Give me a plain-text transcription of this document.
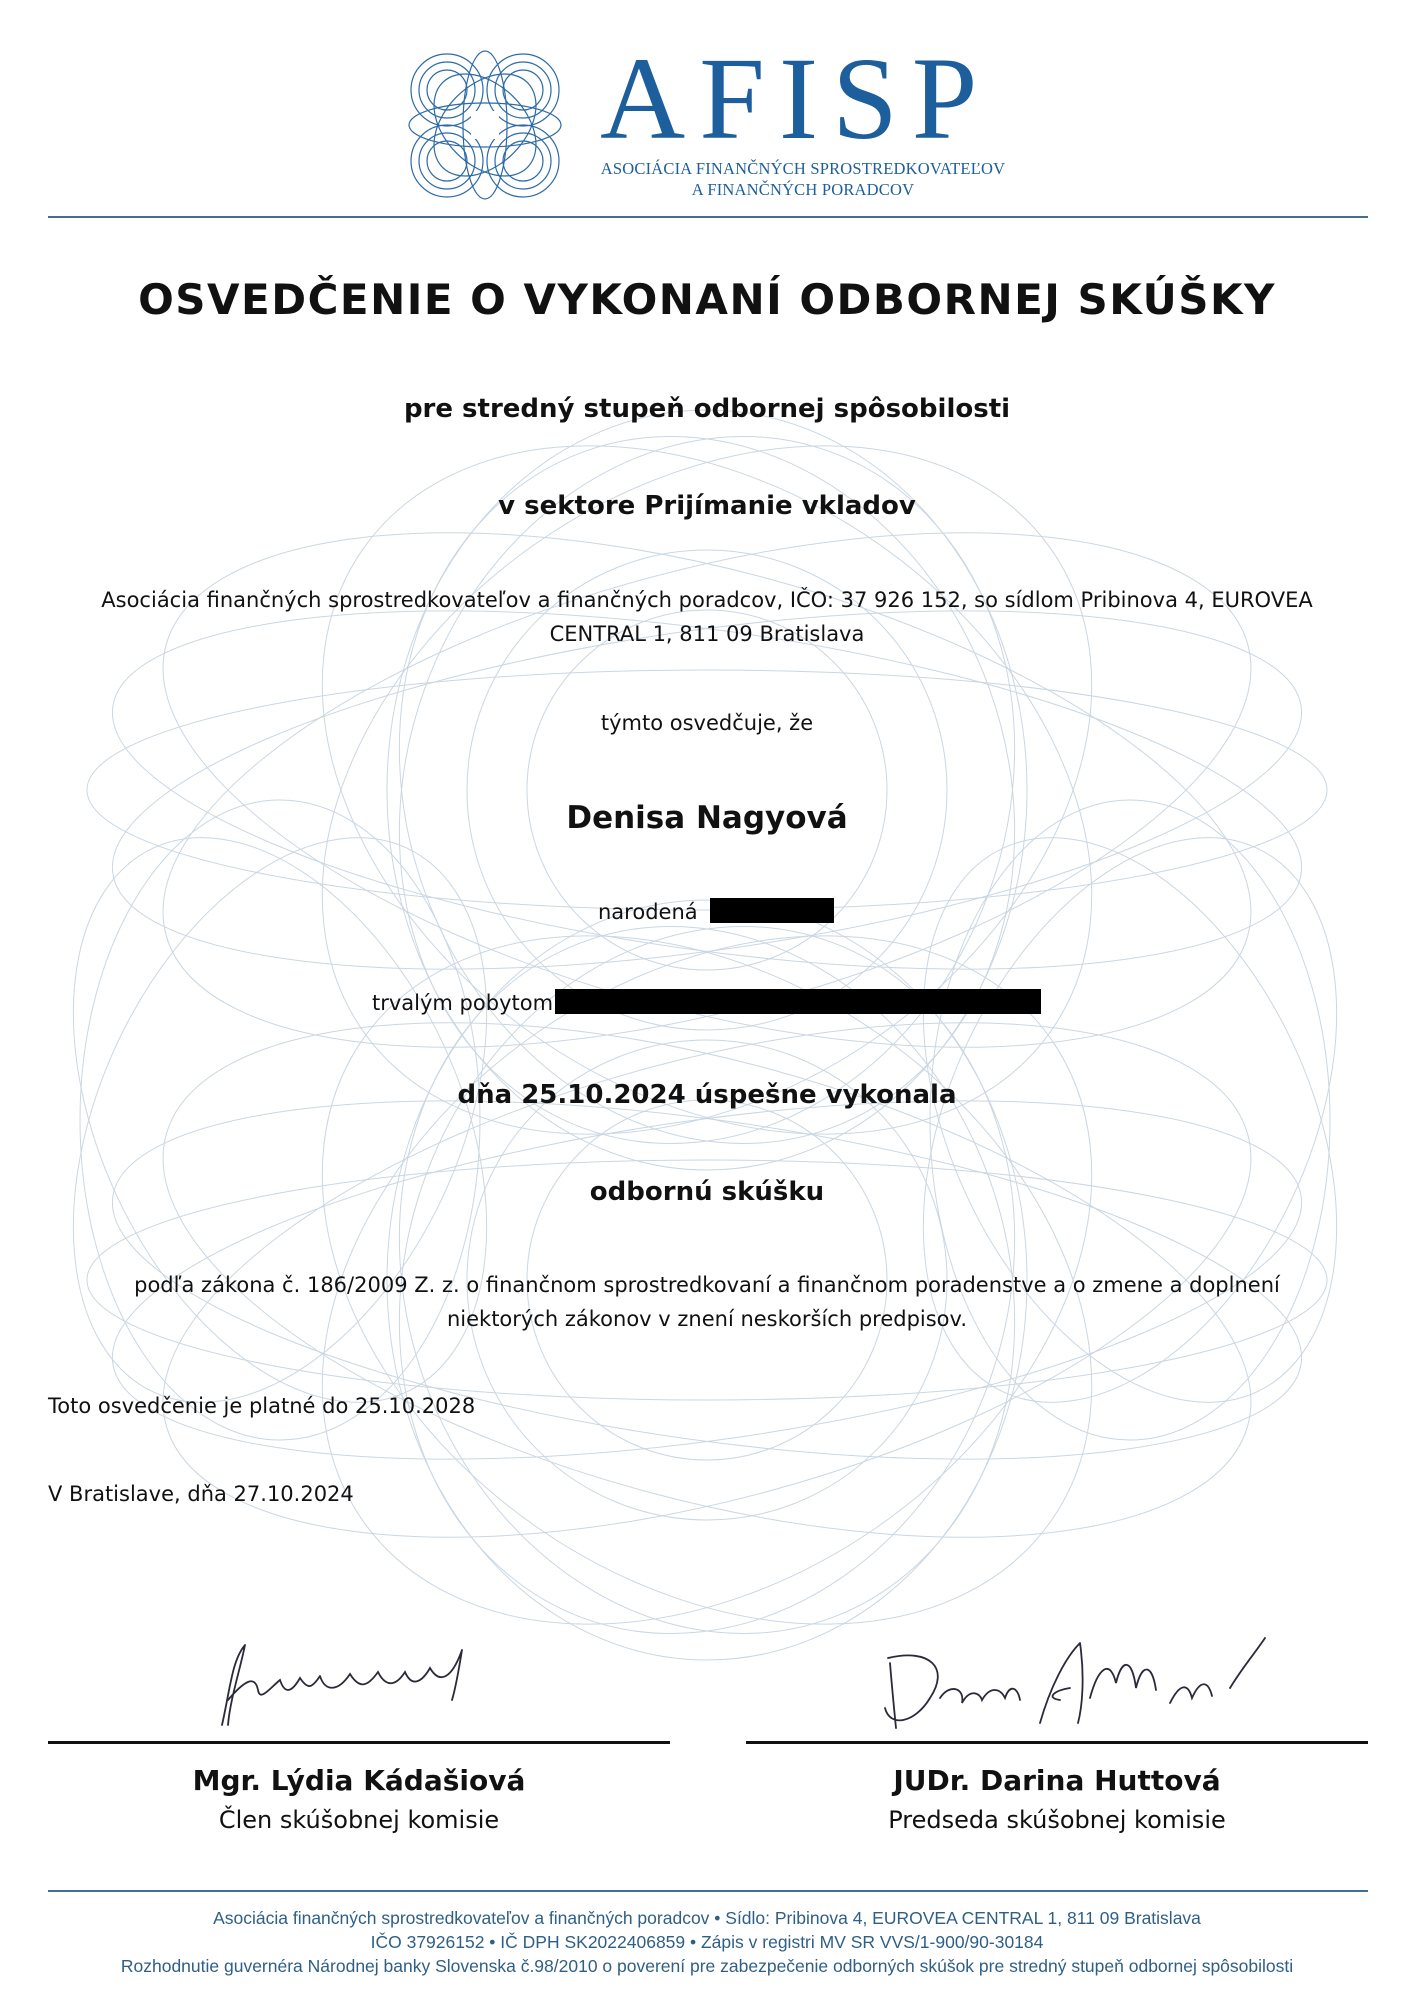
AFISP
ASOCIÁCIA FINANČNÝCH SPROSTREDKOVATEĽOV
A FINANČNÝCH PORADCOV
OSVEDČENIE O VYKONANÍ ODBORNEJ SKÚŠKY
pre stredný stupeň odbornej spôsobilosti
v sektore Prijímanie vkladov
Asociácia finančných sprostredkovateľov a finančných poradcov, IČO: 37 926 152, so sídlom Pribinova 4, EUROVEA
CENTRAL 1, 811 09 Bratislava
týmto osvedčuje, že
Denisa Nagyová
narodená
trvalým pobytom
dňa 25.10.2024 úspešne vykonala
odbornú skúšku
podľa zákona č. 186/2009 Z. z. o finančnom sprostredkovaní a finančnom poradenstve a o zmene a doplnení
niektorých zákonov v znení neskorších predpisov.
Toto osvedčenie je platné do 25.10.2028
V Bratislave, dňa 27.10.2024
Mgr. Lýdia Kádašiová
Člen skúšobnej komisie
JUDr. Darina Huttová
Predseda skúšobnej komisie
Asociácia finančných sprostredkovateľov a finančných poradcov • Sídlo: Pribinova 4, EUROVEA CENTRAL 1, 811 09 Bratislava
IČO 37926152 • IČ DPH SK2022406859 • Zápis v registri MV SR VVS/1-900/90-30184
Rozhodnutie guvernéra Národnej banky Slovenska č.98/2010 o poverení pre zabezpečenie odborných skúšok pre stredný stupeň odbornej spôsobilosti
